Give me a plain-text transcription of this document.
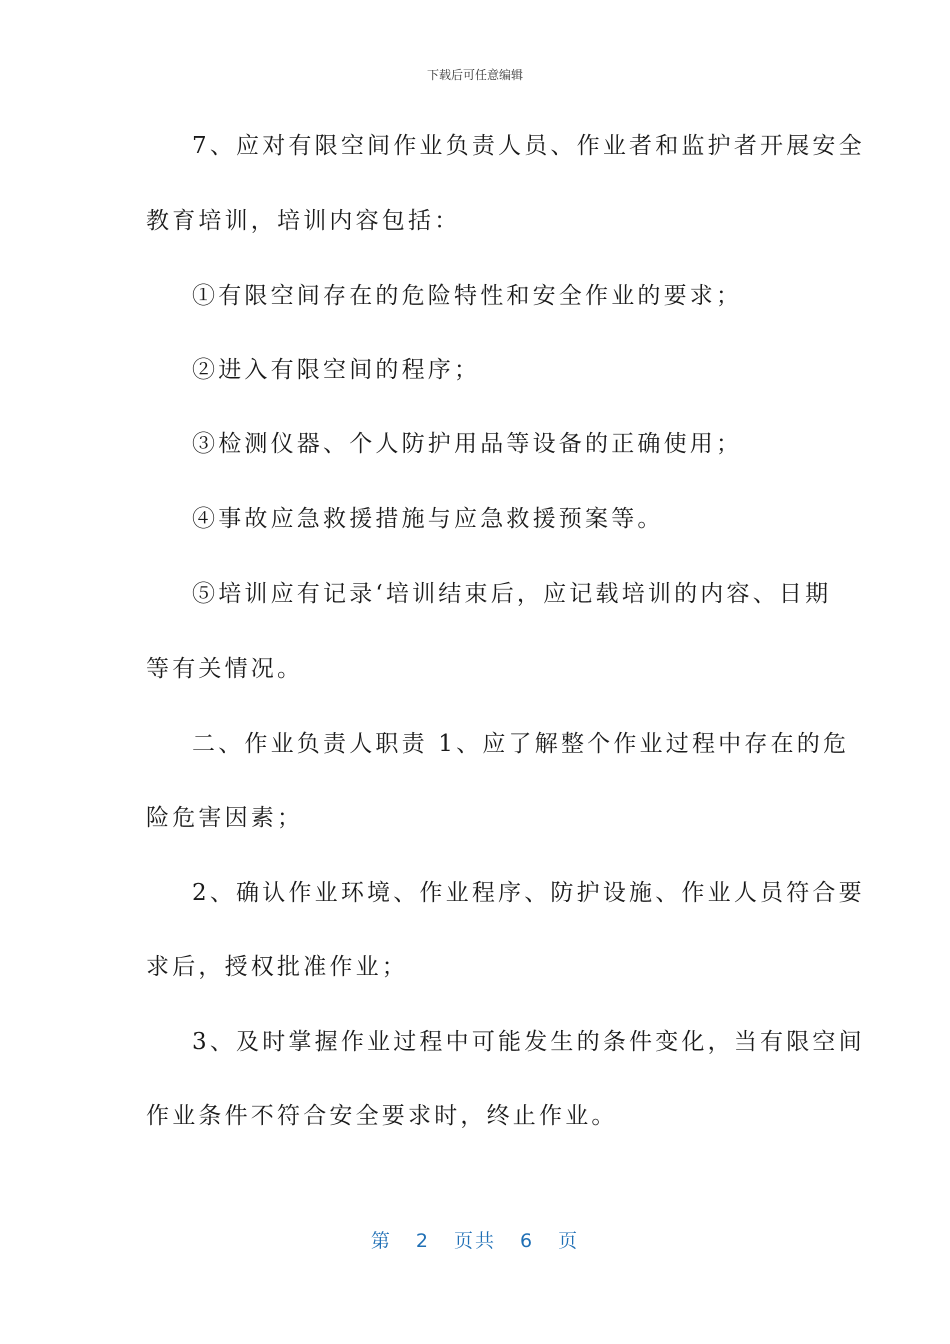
下载后可任意编辑
7、应对有限空间作业负责人员、作业者和监护者开展安全
教育培训，培训内容包括：
①有限空间存在的危险特性和安全作业的要求；
②进入有限空间的程序；
③检测仪器、个人防护用品等设备的正确使用；
④事故应急救援措施与应急救援预案等。
⑤培训应有记录‘培训结束后，应记载培训的内容、日期
等有关情况。
二、作业负责人职责 1、应了解整个作业过程中存在的危
险危害因素；
2、确认作业环境、作业程序、防护设施、作业人员符合要
求后，授权批准作业；
3、及时掌握作业过程中可能发生的条件变化，当有限空间
作业条件不符合安全要求时，终止作业。
第 2 页共 6 页
